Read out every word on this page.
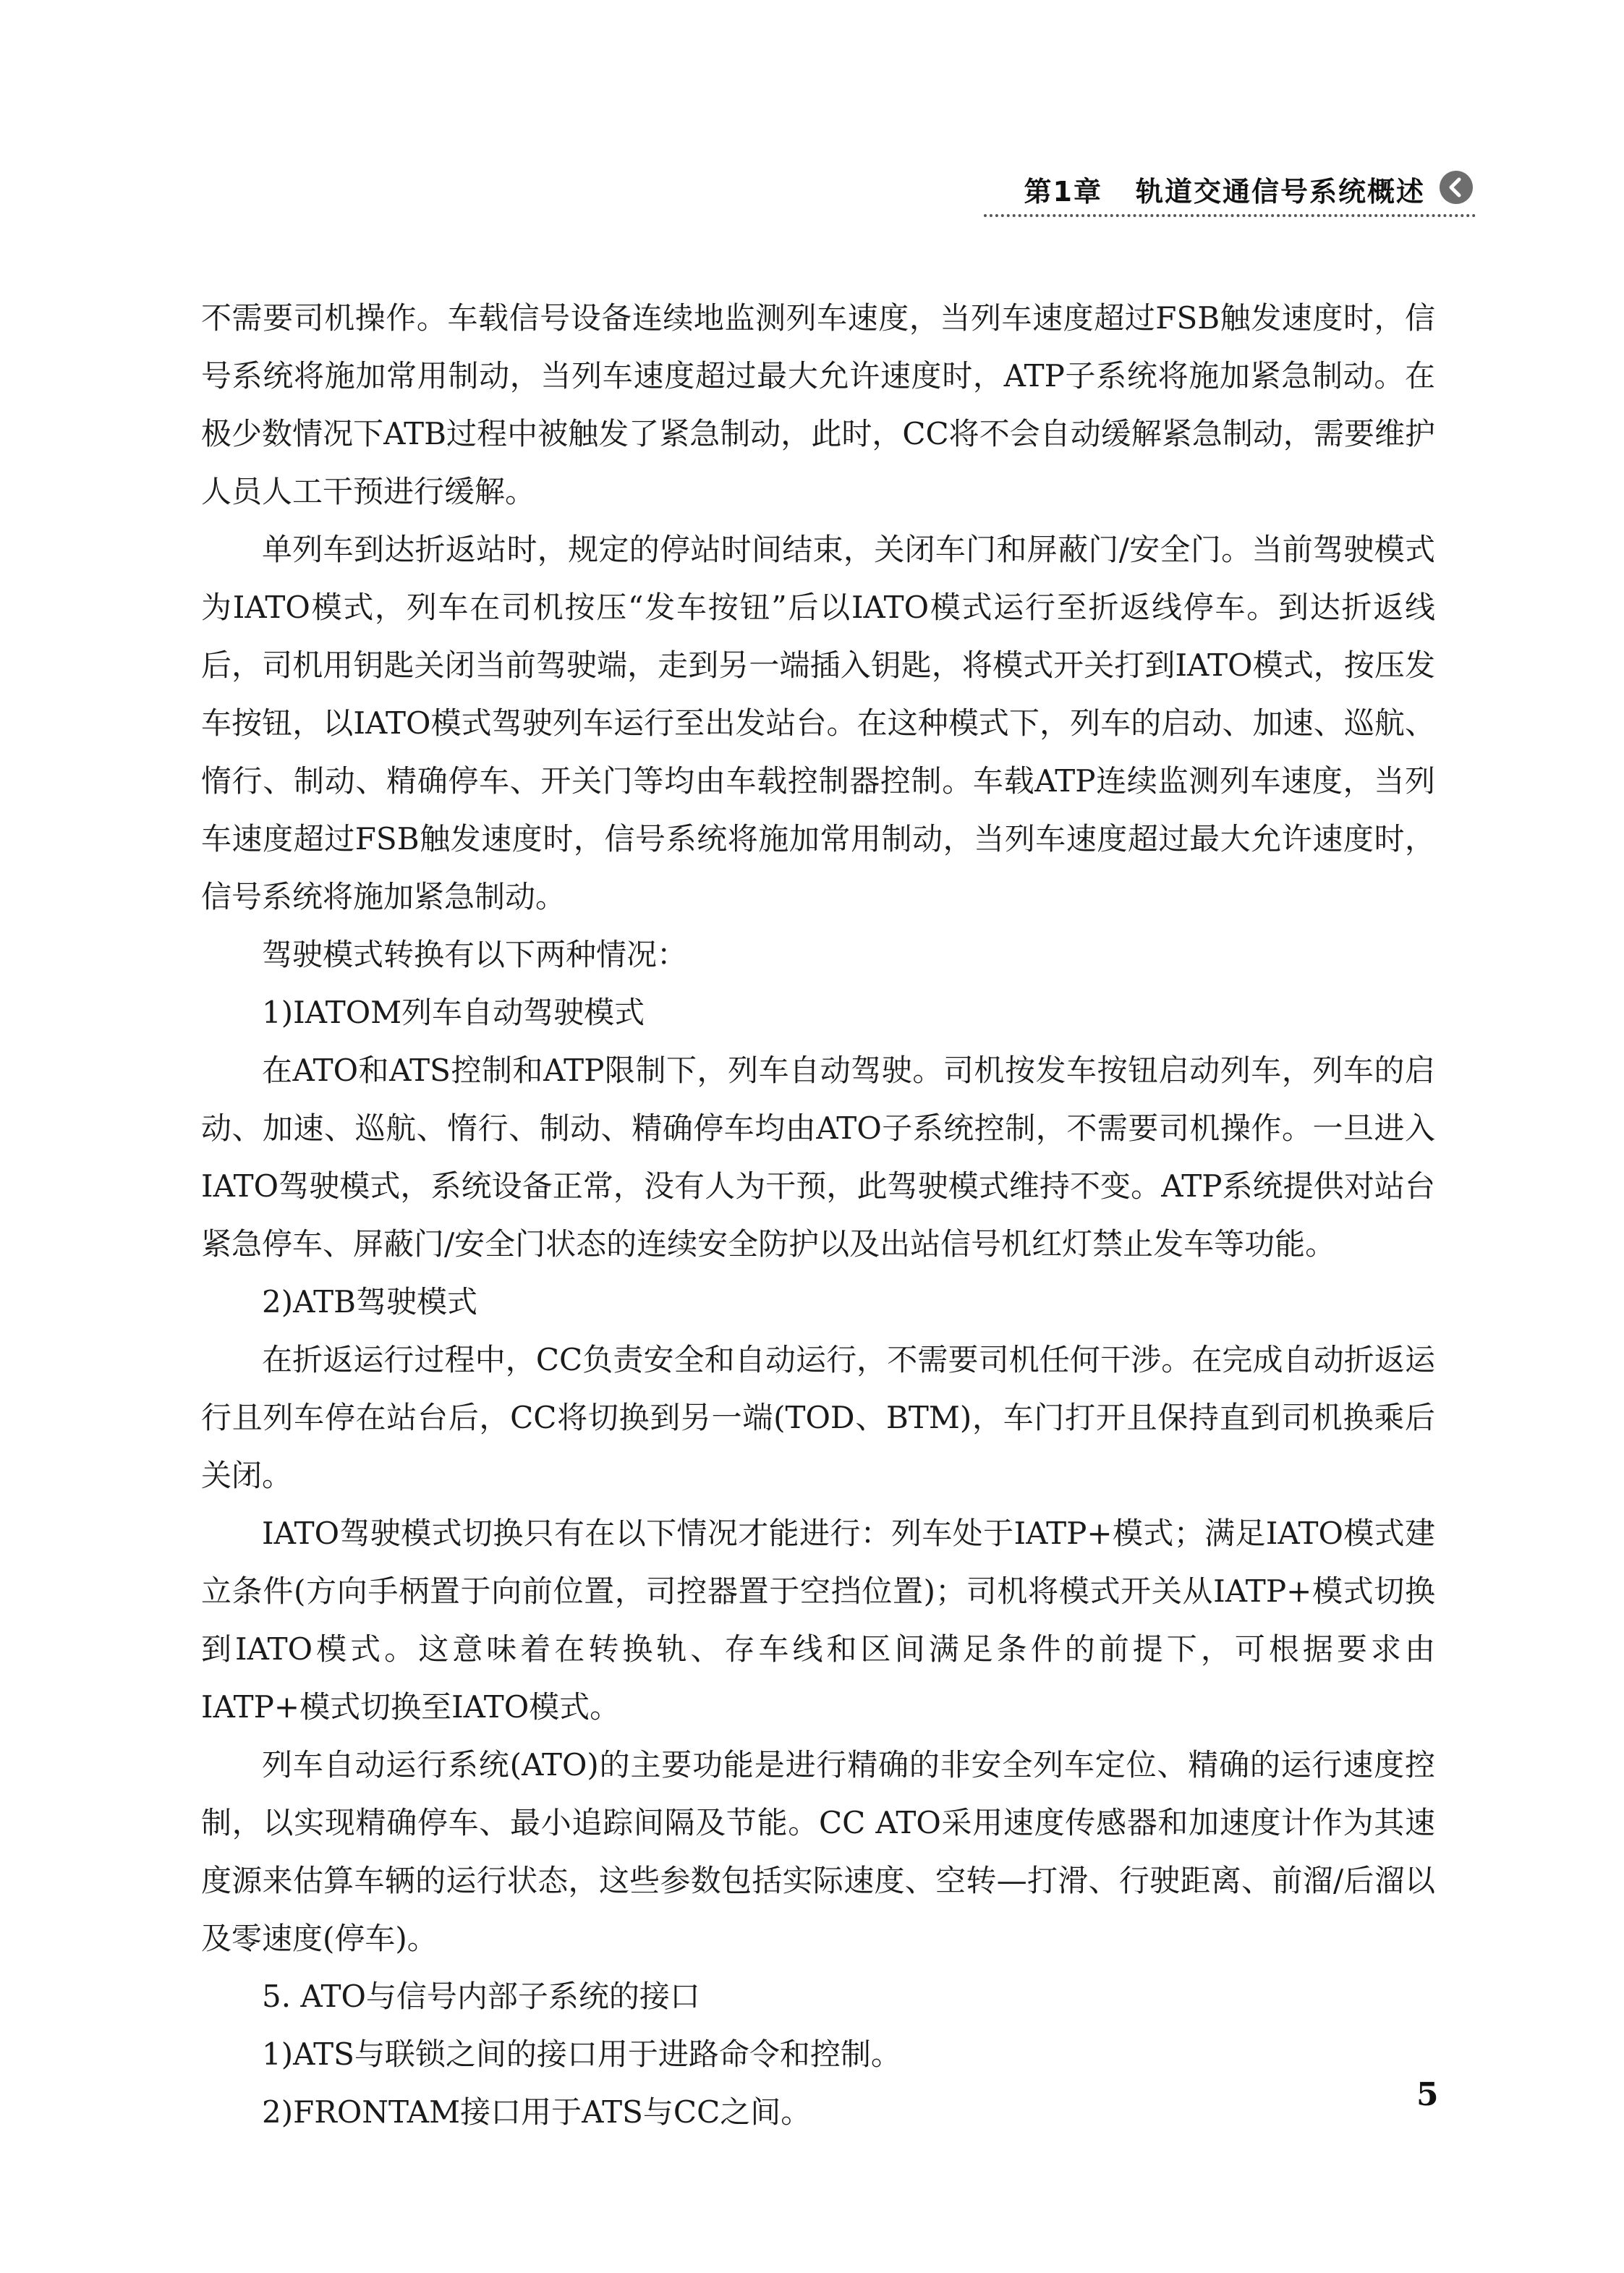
第1章 轨道交通信号系统概述

不需要司机操作。车载信号设备连续地监测列车速度，当列车速度超过FSB触发速度时，信号系统将施加常用制动，当列车速度超过最大允许速度时，ATP子系统将施加紧急制动。在极少数情况下ATB过程中被触发了紧急制动，此时，CC将不会自动缓解紧急制动，需要维护人员人工干预进行缓解。

单列车到达折返站时，规定的停站时间结束，关闭车门和屏蔽门/安全门。当前驾驶模式为IATO模式，列车在司机按压“发车按钮”后以IATO模式运行至折返线停车。到达折返线后，司机用钥匙关闭当前驾驶端，走到另一端插入钥匙，将模式开关打到IATO模式，按压发车按钮，以IATO模式驾驶列车运行至出发站台。在这种模式下，列车的启动、加速、巡航、惰行、制动、精确停车、开关门等均由车载控制器控制。车载ATP连续监测列车速度，当列车速度超过FSB触发速度时，信号系统将施加常用制动，当列车速度超过最大允许速度时，信号系统将施加紧急制动。

驾驶模式转换有以下两种情况：

1)IATOM列车自动驾驶模式

在ATO和ATS控制和ATP限制下，列车自动驾驶。司机按发车按钮启动列车，列车的启动、加速、巡航、惰行、制动、精确停车均由ATO子系统控制，不需要司机操作。一旦进入IATO驾驶模式，系统设备正常，没有人为干预，此驾驶模式维持不变。ATP系统提供对站台紧急停车、屏蔽门/安全门状态的连续安全防护以及出站信号机红灯禁止发车等功能。

2)ATB驾驶模式

在折返运行过程中，CC负责安全和自动运行，不需要司机任何干涉。在完成自动折返运行且列车停在站台后，CC将切换到另一端(TOD、BTM)，车门打开且保持直到司机换乘后关闭。

IATO驾驶模式切换只有在以下情况才能进行：列车处于IATP+模式；满足IATO模式建立条件(方向手柄置于向前位置，司控器置于空挡位置)；司机将模式开关从IATP+模式切换到IATO模式。这意味着在转换轨、存车线和区间满足条件的前提下，可根据要求由IATP+模式切换至IATO模式。

列车自动运行系统(ATO)的主要功能是进行精确的非安全列车定位、精确的运行速度控制，以实现精确停车、最小追踪间隔及节能。CC ATO采用速度传感器和加速度计作为其速度源来估算车辆的运行状态，这些参数包括实际速度、空转—打滑、行驶距离、前溜/后溜以及零速度(停车)。

5. ATO与信号内部子系统的接口

1)ATS与联锁之间的接口用于进路命令和控制。

2)FRONTAM接口用于ATS与CC之间。	5
